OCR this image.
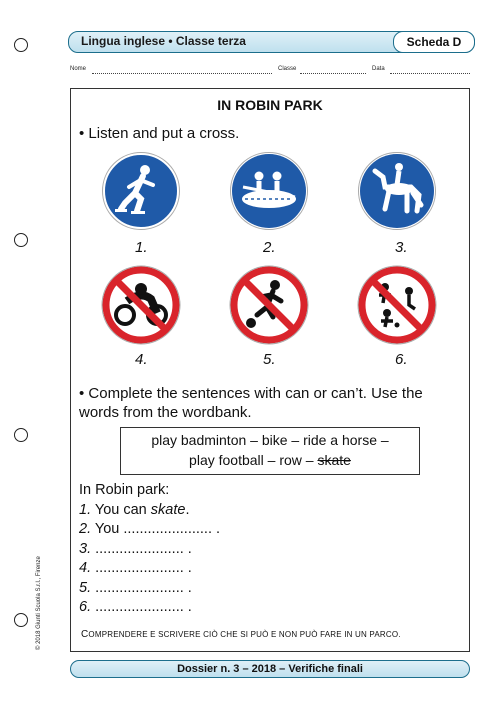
Lingua inglese • Classe terza	Scheda D
Nome	Classe	Data
IN ROBIN PARK
• Listen and put a cross.
1.	2.	3.
4.	5.	6.
• Complete the sentences with can or can’t. Use the
words from the wordbank.
play badminton – bike – ride a horse –
play football – row – skate
In Robin park:
1. You can skate.
2. You ...................... .
3. ...................... .
4. ...................... .
5. ...................... .
6. ...................... .
COMPRENDERE E SCRIVERE CIÒ CHE SI PUÒ E NON PUÒ FARE IN UN PARCO.
© 2018 Giunti Scuola S.r.l., Firenze
Dossier n. 3 – 2018 – Verifiche finali
